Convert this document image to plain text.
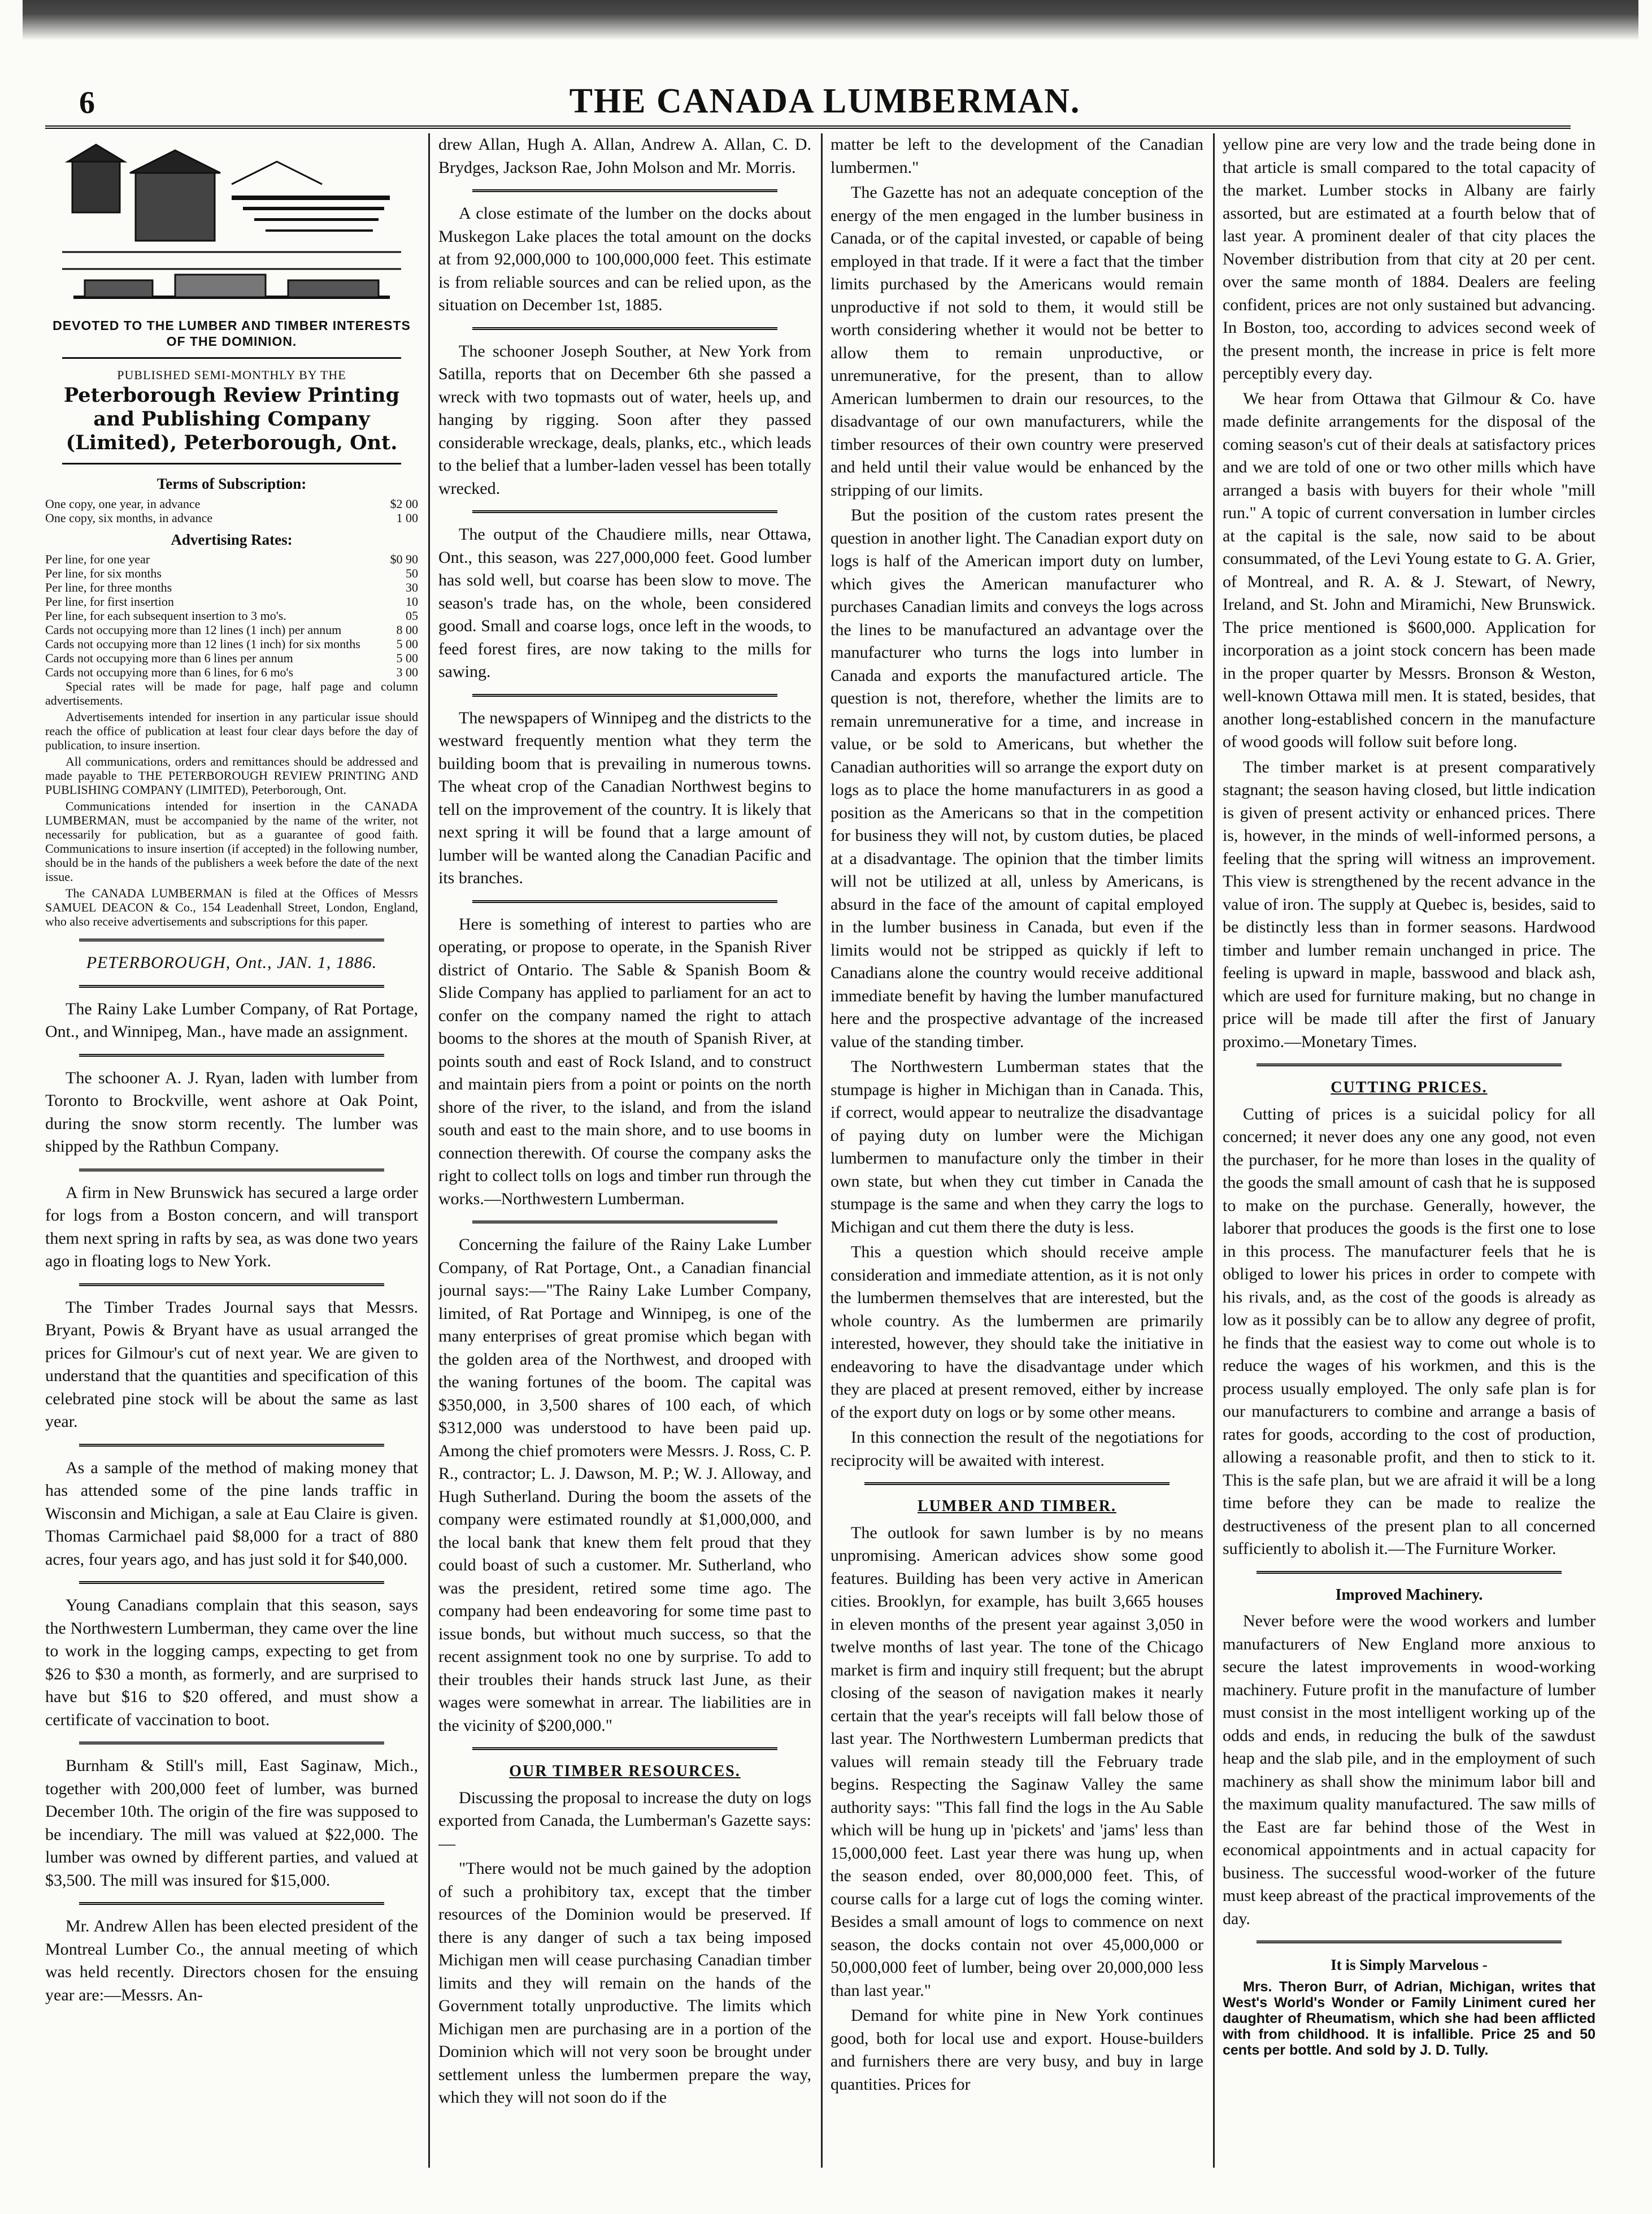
6	THE CANADA LUMBERMAN.
DEVOTED TO THE LUMBER AND TIMBER INTERESTS OF THE DOMINION.
PUBLISHED SEMI-MONTHLY BY THE
Peterborough Review Printing and Publishing Company (Limited), Peterborough, Ont.
Terms of Subscription:
One copy, one year, in advance	$2 00
One copy, six months, in advance	1 00
Advertising Rates:
Per line, for one year	$0 90
Per line, for six months	50
Per line, for three months	30
Per line, for first insertion	10
Per line, for each subsequent insertion to 3 mo's.	05
Cards not occupying more than 12 lines (1 inch) per annum	8 00
Cards not occupying more than 12 lines (1 inch) for six months	5 00
Cards not occupying more than 6 lines per annum	5 00
Cards not occupying more than 6 lines, for 6 mo's	3 00

Special rates will be made for page, half page and column advertisements.

Advertisements intended for insertion in any particular issue should reach the office of publication at least four clear days before the day of publication, to insure insertion.

All communications, orders and remittances should be addressed and made payable to THE PETERBOROUGH REVIEW PRINTING AND PUBLISHING COMPANY (LIMITED), Peterborough, Ont.

Communications intended for insertion in the CANADA LUMBERMAN, must be accompanied by the name of the writer, not necessarily for publication, but as a guarantee of good faith. Communications to insure insertion (if accepted) in the following number, should be in the hands of the publishers a week before the date of the next issue.

The CANADA LUMBERMAN is filed at the Offices of Messrs SAMUEL DEACON & Co., 154 Leadenhall Street, London, England, who also receive advertisements and subscriptions for this paper.

PETERBOROUGH, Ont., JAN. 1, 1886.

The Rainy Lake Lumber Company, of Rat Portage, Ont., and Winnipeg, Man., have made an assignment.

The schooner A. J. Ryan, laden with lumber from Toronto to Brockville, went ashore at Oak Point, during the snow storm recently. The lumber was shipped by the Rathbun Company.

A firm in New Brunswick has secured a large order for logs from a Boston concern, and will transport them next spring in rafts by sea, as was done two years ago in floating logs to New York.

The Timber Trades Journal says that Messrs. Bryant, Powis & Bryant have as usual arranged the prices for Gilmour's cut of next year. We are given to understand that the quantities and specification of this celebrated pine stock will be about the same as last year.

As a sample of the method of making money that has attended some of the pine lands traffic in Wisconsin and Michigan, a sale at Eau Claire is given. Thomas Carmichael paid $8,000 for a tract of 880 acres, four years ago, and has just sold it for $40,000.

Young Canadians complain that this season, says the Northwestern Lumberman, they came over the line to work in the logging camps, expecting to get from $26 to $30 a month, as formerly, and are surprised to have but $16 to $20 offered, and must show a certificate of vaccination to boot.

Burnham & Still's mill, East Saginaw, Mich., together with 200,000 feet of lumber, was burned December 10th. The origin of the fire was supposed to be incendiary. The mill was valued at $22,000. The lumber was owned by different parties, and valued at $3,500. The mill was insured for $15,000.

Mr. Andrew Allen has been elected president of the Montreal Lumber Co., the annual meeting of which was held recently. Directors chosen for the ensuing year are:—Messrs. An-

drew Allan, Hugh A. Allan, Andrew A. Allan, C. D. Brydges, Jackson Rae, John Molson and Mr. Morris.

A close estimate of the lumber on the docks about Muskegon Lake places the total amount on the docks at from 92,000,000 to 100,000,000 feet. This estimate is from reliable sources and can be relied upon, as the situation on December 1st, 1885.

The schooner Joseph Souther, at New York from Satilla, reports that on December 6th she passed a wreck with two topmasts out of water, heels up, and hanging by rigging. Soon after they passed considerable wreckage, deals, planks, etc., which leads to the belief that a lumber-laden vessel has been totally wrecked.

The output of the Chaudiere mills, near Ottawa, Ont., this season, was 227,000,000 feet. Good lumber has sold well, but coarse has been slow to move. The season's trade has, on the whole, been considered good. Small and coarse logs, once left in the woods, to feed forest fires, are now taking to the mills for sawing.

The newspapers of Winnipeg and the districts to the westward frequently mention what they term the building boom that is prevailing in numerous towns. The wheat crop of the Canadian Northwest begins to tell on the improvement of the country. It is likely that next spring it will be found that a large amount of lumber will be wanted along the Canadian Pacific and its branches.

Here is something of interest to parties who are operating, or propose to operate, in the Spanish River district of Ontario. The Sable & Spanish Boom & Slide Company has applied to parliament for an act to confer on the company named the right to attach booms to the shores at the mouth of Spanish River, at points south and east of Rock Island, and to construct and maintain piers from a point or points on the north shore of the river, to the island, and from the island south and east to the main shore, and to use booms in connection therewith. Of course the company asks the right to collect tolls on logs and timber run through the works.—Northwestern Lumberman.

Concerning the failure of the Rainy Lake Lumber Company, of Rat Portage, Ont., a Canadian financial journal says:—"The Rainy Lake Lumber Company, limited, of Rat Portage and Winnipeg, is one of the many enterprises of great promise which began with the golden area of the Northwest, and drooped with the waning fortunes of the boom. The capital was $350,000, in 3,500 shares of 100 each, of which $312,000 was understood to have been paid up. Among the chief promoters were Messrs. J. Ross, C. P. R., contractor; L. J. Dawson, M. P.; W. J. Alloway, and Hugh Sutherland. During the boom the assets of the company were estimated roundly at $1,000,000, and the local bank that knew them felt proud that they could boast of such a customer. Mr. Sutherland, who was the president, retired some time ago. The company had been endeavoring for some time past to issue bonds, but without much success, so that the recent assignment took no one by surprise. To add to their troubles their hands struck last June, as their wages were somewhat in arrear. The liabilities are in the vicinity of $200,000."

OUR TIMBER RESOURCES.

Discussing the proposal to increase the duty on logs exported from Canada, the Lumberman's Gazette says:—

"There would not be much gained by the adoption of such a prohibitory tax, except that the timber resources of the Dominion would be preserved. If there is any danger of such a tax being imposed Michigan men will cease purchasing Canadian timber limits and they will remain on the hands of the Government totally unproductive. The limits which Michigan men are purchasing are in a portion of the Dominion which will not very soon be brought under settlement unless the lumbermen prepare the way, which they will not soon do if the

matter be left to the development of the Canadian lumbermen."

The Gazette has not an adequate conception of the energy of the men engaged in the lumber business in Canada, or of the capital invested, or capable of being employed in that trade. If it were a fact that the timber limits purchased by the Americans would remain unproductive if not sold to them, it would still be worth considering whether it would not be better to allow them to remain unproductive, or unremunerative, for the present, than to allow American lumbermen to drain our resources, to the disadvantage of our own manufacturers, while the timber resources of their own country were preserved and held until their value would be enhanced by the stripping of our limits.

But the position of the custom rates present the question in another light. The Canadian export duty on logs is half of the American import duty on lumber, which gives the American manufacturer who purchases Canadian limits and conveys the logs across the lines to be manufactured an advantage over the manufacturer who turns the logs into lumber in Canada and exports the manufactured article. The question is not, therefore, whether the limits are to remain unremunerative for a time, and increase in value, or be sold to Americans, but whether the Canadian authorities will so arrange the export duty on logs as to place the home manufacturers in as good a position as the Americans so that in the competition for business they will not, by custom duties, be placed at a disadvantage. The opinion that the timber limits will not be utilized at all, unless by Americans, is absurd in the face of the amount of capital employed in the lumber business in Canada, but even if the limits would not be stripped as quickly if left to Canadians alone the country would receive additional immediate benefit by having the lumber manufactured here and the prospective advantage of the increased value of the standing timber.

The Northwestern Lumberman states that the stumpage is higher in Michigan than in Canada. This, if correct, would appear to neutralize the disadvantage of paying duty on lumber were the Michigan lumbermen to manufacture only the timber in their own state, but when they cut timber in Canada the stumpage is the same and when they carry the logs to Michigan and cut them there the duty is less.

This a question which should receive ample consideration and immediate attention, as it is not only the lumbermen themselves that are interested, but the whole country. As the lumbermen are primarily interested, however, they should take the initiative in endeavoring to have the disadvantage under which they are placed at present removed, either by increase of the export duty on logs or by some other means.

In this connection the result of the negotiations for reciprocity will be awaited with interest.

LUMBER AND TIMBER.

The outlook for sawn lumber is by no means unpromising. American advices show some good features. Building has been very active in American cities. Brooklyn, for example, has built 3,665 houses in eleven months of the present year against 3,050 in twelve months of last year. The tone of the Chicago market is firm and inquiry still frequent; but the abrupt closing of the season of navigation makes it nearly certain that the year's receipts will fall below those of last year. The Northwestern Lumberman predicts that values will remain steady till the February trade begins. Respecting the Saginaw Valley the same authority says: "This fall find the logs in the Au Sable which will be hung up in 'pickets' and 'jams' less than 15,000,000 feet. Last year there was hung up, when the season ended, over 80,000,000 feet. This, of course calls for a large cut of logs the coming winter. Besides a small amount of logs to commence on next season, the docks contain not over 45,000,000 or 50,000,000 feet of lumber, being over 20,000,000 less than last year."

Demand for white pine in New York continues good, both for local use and export. House-builders and furnishers there are very busy, and buy in large quantities. Prices for

yellow pine are very low and the trade being done in that article is small compared to the total capacity of the market. Lumber stocks in Albany are fairly assorted, but are estimated at a fourth below that of last year. A prominent dealer of that city places the November distribution from that city at 20 per cent. over the same month of 1884. Dealers are feeling confident, prices are not only sustained but advancing. In Boston, too, according to advices second week of the present month, the increase in price is felt more perceptibly every day.

We hear from Ottawa that Gilmour & Co. have made definite arrangements for the disposal of the coming season's cut of their deals at satisfactory prices and we are told of one or two other mills which have arranged a basis with buyers for their whole "mill run." A topic of current conversation in lumber circles at the capital is the sale, now said to be about consummated, of the Levi Young estate to G. A. Grier, of Montreal, and R. A. & J. Stewart, of Newry, Ireland, and St. John and Miramichi, New Brunswick. The price mentioned is $600,000. Application for incorporation as a joint stock concern has been made in the proper quarter by Messrs. Bronson & Weston, well-known Ottawa mill men. It is stated, besides, that another long-established concern in the manufacture of wood goods will follow suit before long.

The timber market is at present comparatively stagnant; the season having closed, but little indication is given of present activity or enhanced prices. There is, however, in the minds of well-informed persons, a feeling that the spring will witness an improvement. This view is strengthened by the recent advance in the value of iron. The supply at Quebec is, besides, said to be distinctly less than in former seasons. Hardwood timber and lumber remain unchanged in price. The feeling is upward in maple, basswood and black ash, which are used for furniture making, but no change in price will be made till after the first of January proximo.—Monetary Times.

CUTTING PRICES.

Cutting of prices is a suicidal policy for all concerned; it never does any one any good, not even the purchaser, for he more than loses in the quality of the goods the small amount of cash that he is supposed to make on the purchase. Generally, however, the laborer that produces the goods is the first one to lose in this process. The manufacturer feels that he is obliged to lower his prices in order to compete with his rivals, and, as the cost of the goods is already as low as it possibly can be to allow any degree of profit, he finds that the easiest way to come out whole is to reduce the wages of his workmen, and this is the process usually employed. The only safe plan is for our manufacturers to combine and arrange a basis of rates for goods, according to the cost of production, allowing a reasonable profit, and then to stick to it. This is the safe plan, but we are afraid it will be a long time before they can be made to realize the destructiveness of the present plan to all concerned sufficiently to abolish it.—The Furniture Worker.

Improved Machinery.

Never before were the wood workers and lumber manufacturers of New England more anxious to secure the latest improvements in wood-working machinery. Future profit in the manufacture of lumber must consist in the most intelligent working up of the odds and ends, in reducing the bulk of the sawdust heap and the slab pile, and in the employment of such machinery as shall show the minimum labor bill and the maximum quality manufactured. The saw mills of the East are far behind those of the West in economical appointments and in actual capacity for business. The successful wood-worker of the future must keep abreast of the practical improvements of the day.

It is Simply Marvelous -

Mrs. Theron Burr, of Adrian, Michigan, writes that West's World's Wonder or Family Liniment cured her daughter of Rheumatism, which she had been afflicted with from childhood. It is infallible. Price 25 and 50 cents per bottle. And sold by J. D. Tully.
